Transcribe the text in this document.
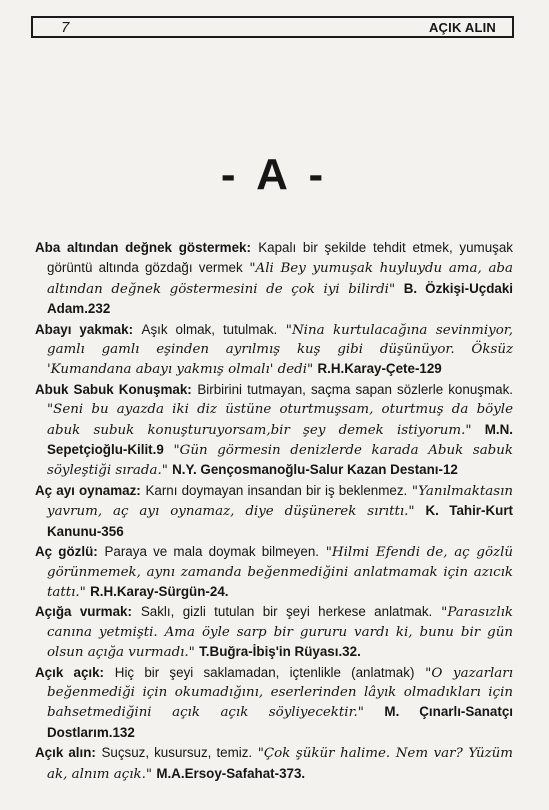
7	AÇIK ALIN
- A -

Aba altından değnek göstermek: Kapalı bir şekilde tehdit etmek, yumuşak görüntü altında gözdağı vermek "Ali Bey yumuşak huyluydu ama, aba altından değnek göstermesini de çok iyi bilirdi" B. Özkişi-Uçdaki Adam.232

Abayı yakmak: Aşık olmak, tutulmak. "Nina kurtulacağına sevinmiyor, gamlı gamlı eşinden ayrılmış kuş gibi düşünüyor. Öksüz 'Kumandana abayı yakmış olmalı' dedi" R.H.Karay-Çete-129

Abuk Sabuk Konuşmak: Birbirini tutmayan, saçma sapan sözlerle konuşmak. "Seni bu ayazda iki diz üstüne oturtmuşsam, oturtmuş da böyle abuk subuk konuşturuyorsam,bir şey demek istiyorum." M.N. Sepetçioğlu-Kilit.9 "Gün görmesin denizlerde karada Abuk sabuk söyleştiği sırada." N.Y. Gençosmanoğlu-Salur Kazan Destanı-12

Aç ayı oynamaz: Karnı doymayan insandan bir iş beklenmez. "Yanılmaktasın yavrum, aç ayı oynamaz, diye düşünerek sırıttı." K. Tahir-Kurt Kanunu-356

Aç gözlü: Paraya ve mala doymak bilmeyen. "Hilmi Efendi de, aç gözlü görünmemek, aynı zamanda beğenmediğini anlatmamak için azıcık tattı." R.H.Karay-Sürgün-24.

Açığa vurmak: Saklı, gizli tutulan bir şeyi herkese anlatmak. "Parasızlık canına yetmişti. Ama öyle sarp bir gururu vardı ki, bunu bir gün olsun açığa vurmadı." T.Buğra-İbiş'in Rüyası.32.

Açık açık: Hiç bir şeyi saklamadan, içtenlikle (anlatmak) "O yazarları beğenmediği için okumadığını, eserlerinden lâyık olmadıkları için bahsetmediğini açık açık söyliyecektir." M. Çınarlı-Sanatçı Dostlarım.132

Açık alın: Suçsuz, kusursuz, temiz. "Çok şükür halime. Nem var? Yüzüm ak, alnım açık." M.A.Ersoy-Safahat-373.
